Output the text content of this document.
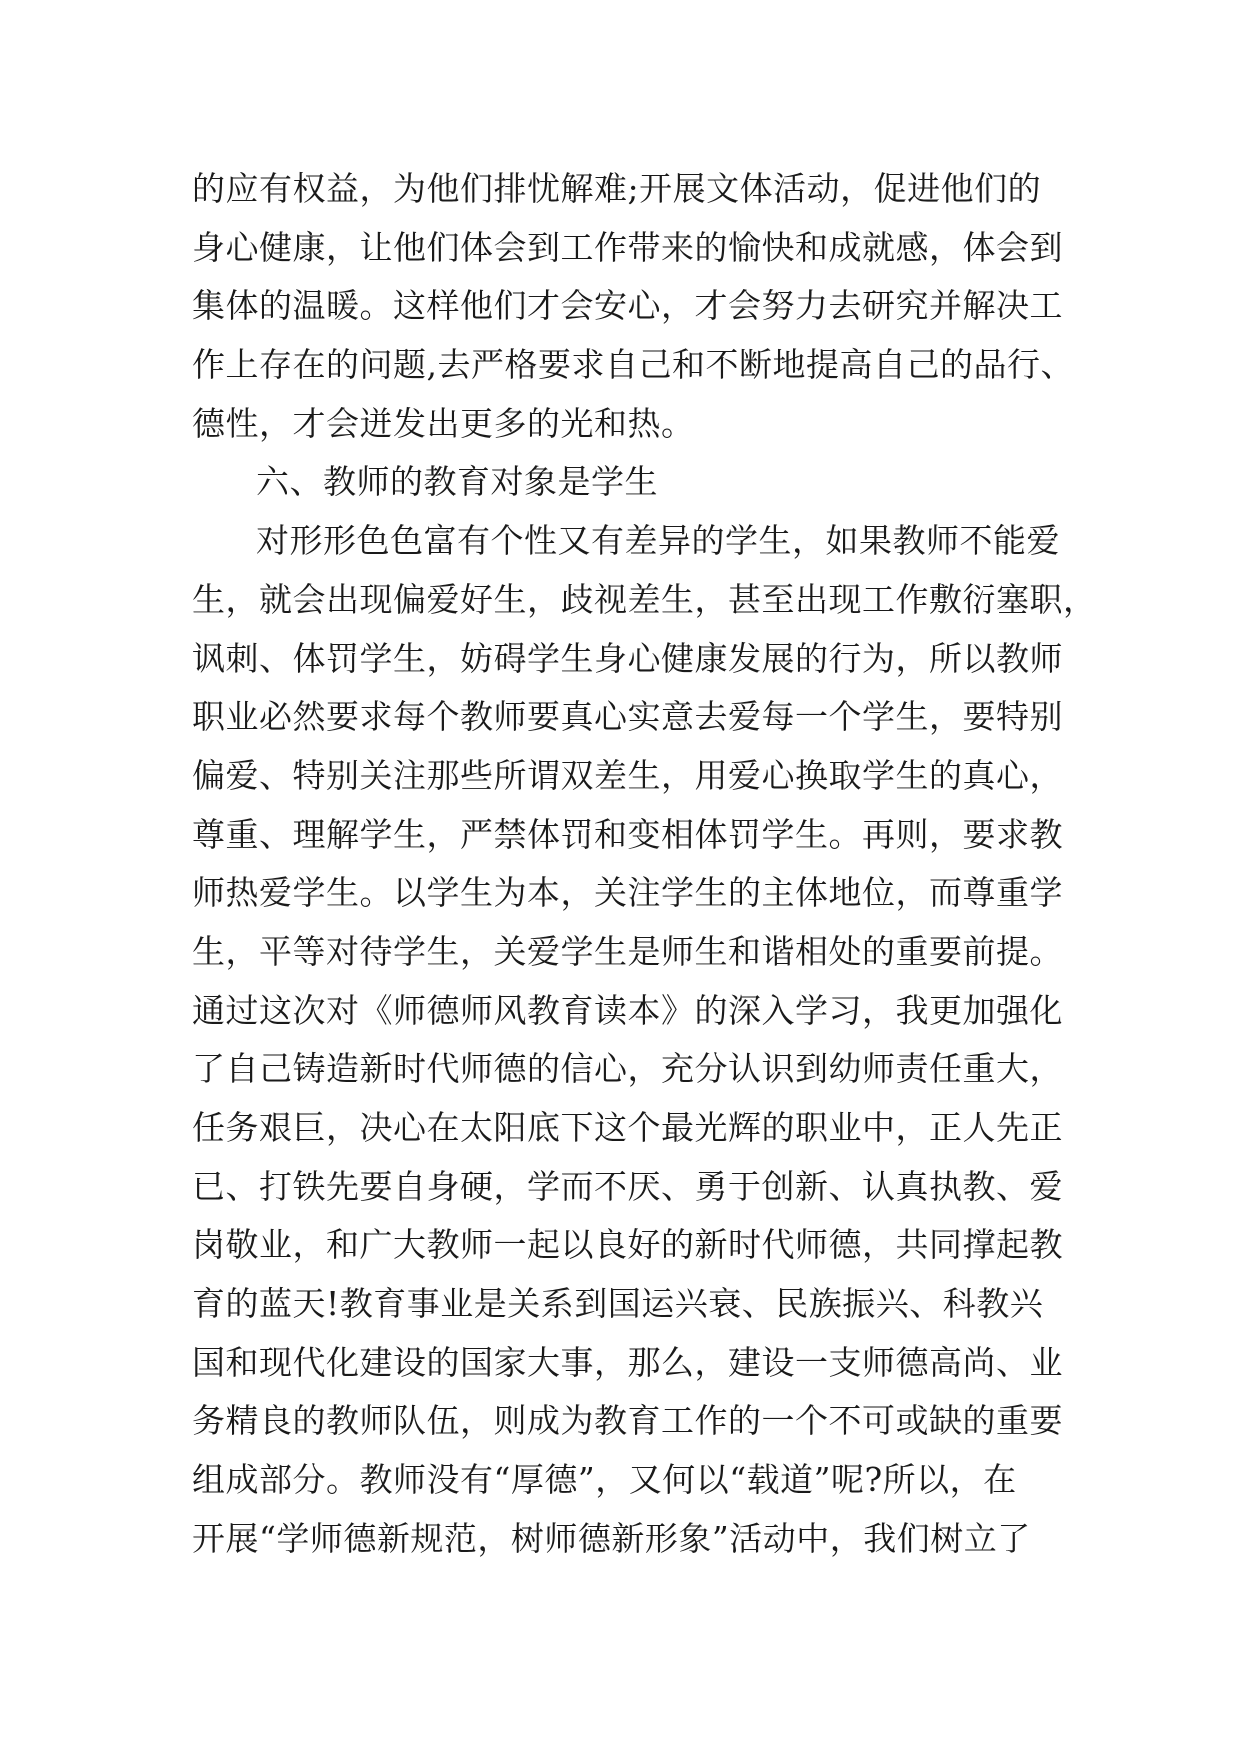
的应有权益，为他们排忧解难;开展文体活动，促进他们的
身心健康，让他们体会到工作带来的愉快和成就感，体会到
集体的温暖。这样他们才会安心，才会努力去研究并解决工
作上存在的问题,去严格要求自己和不断地提高自己的品行、
德性，才会迸发出更多的光和热。
六、教师的教育对象是学生
对形形色色富有个性又有差异的学生，如果教师不能爱
生，就会出现偏爱好生，歧视差生，甚至出现工作敷衍塞职，
讽刺、体罚学生，妨碍学生身心健康发展的行为，所以教师
职业必然要求每个教师要真心实意去爱每一个学生，要特别
偏爱、特别关注那些所谓双差生，用爱心换取学生的真心，
尊重、理解学生，严禁体罚和变相体罚学生。再则，要求教
师热爱学生。以学生为本，关注学生的主体地位，而尊重学
生，平等对待学生，关爱学生是师生和谐相处的重要前提。
通过这次对《师德师风教育读本》的深入学习，我更加强化
了自己铸造新时代师德的信心，充分认识到幼师责任重大，
任务艰巨，决心在太阳底下这个最光辉的职业中，正人先正
已、打铁先要自身硬，学而不厌、勇于创新、认真执教、爱
岗敬业，和广大教师一起以良好的新时代师德，共同撑起教
育的蓝天!教育事业是关系到国运兴衰、民族振兴、科教兴
国和现代化建设的国家大事，那么，建设一支师德高尚、业
务精良的教师队伍，则成为教育工作的一个不可或缺的重要
组成部分。教师没有“厚德”，又何以“载道”呢?所以，在
开展“学师德新规范，树师德新形象”活动中，我们树立了
